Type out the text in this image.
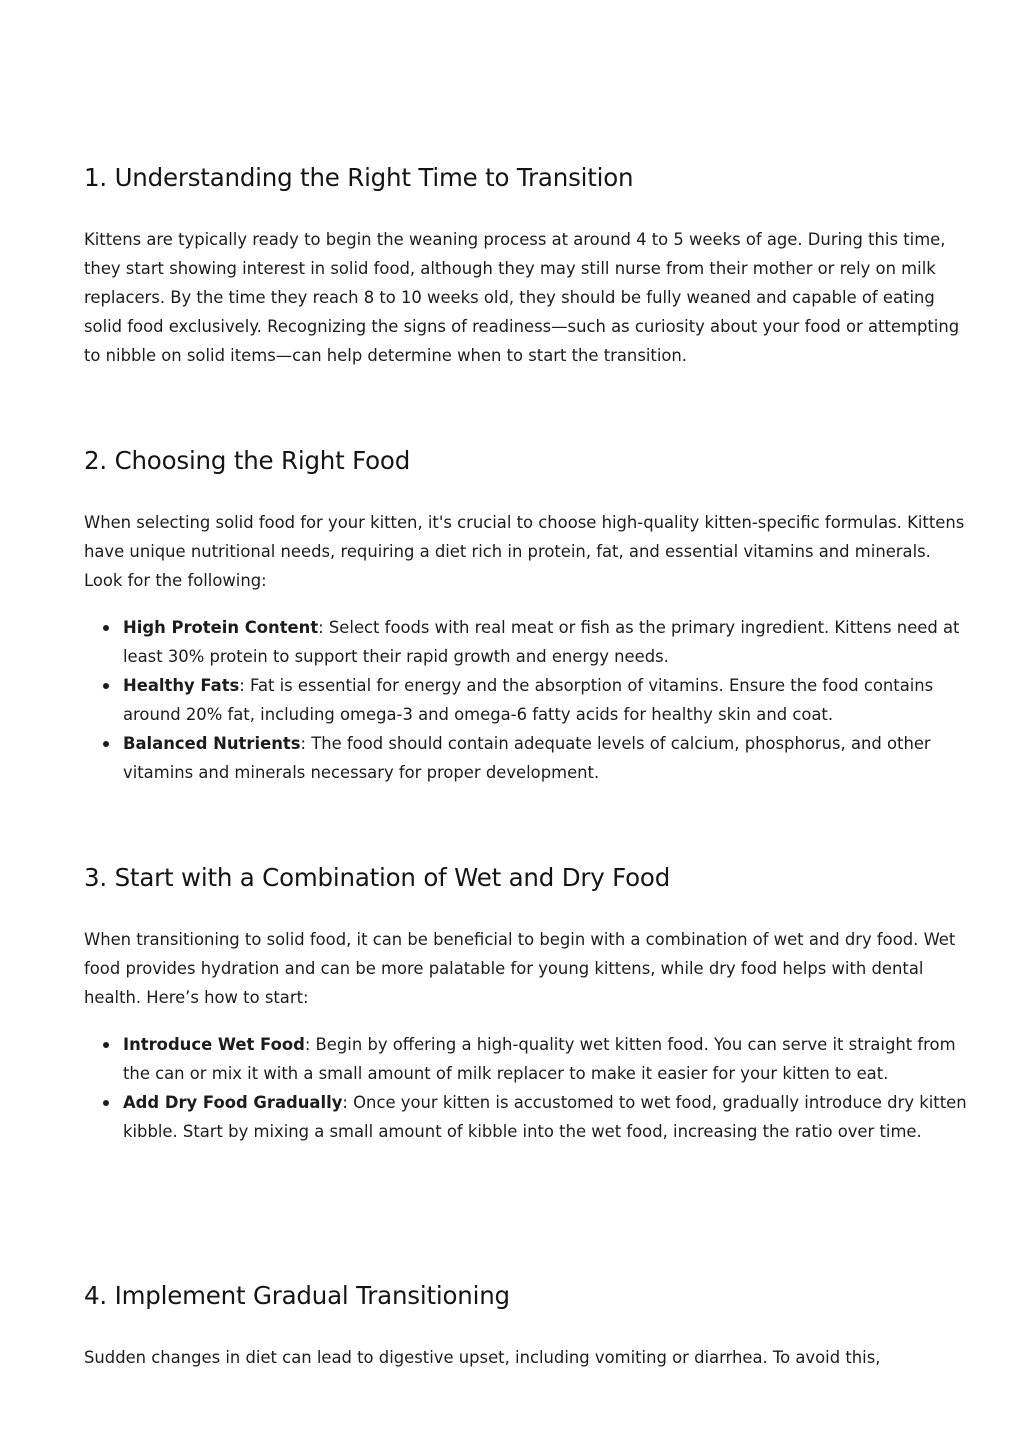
1. Understanding the Right Time to Transition

Kittens are typically ready to begin the weaning process at around 4 to 5 weeks of age. During this time, they start showing interest in solid food, although they may still nurse from their mother or rely on milk replacers. By the time they reach 8 to 10 weeks old, they should be fully weaned and capable of eating solid food exclusively. Recognizing the signs of readiness—such as curiosity about your food or attempting to nibble on solid items—can help determine when to start the transition.

2. Choosing the Right Food

When selecting solid food for your kitten, it's crucial to choose high-quality kitten-specific formulas. Kittens have unique nutritional needs, requiring a diet rich in protein, fat, and essential vitamins and minerals. Look for the following:

High Protein Content: Select foods with real meat or fish as the primary ingredient. Kittens need at least 30% protein to support their rapid growth and energy needs.
Healthy Fats: Fat is essential for energy and the absorption of vitamins. Ensure the food contains around 20% fat, including omega-3 and omega-6 fatty acids for healthy skin and coat.
Balanced Nutrients: The food should contain adequate levels of calcium, phosphorus, and other vitamins and minerals necessary for proper development.
3. Start with a Combination of Wet and Dry Food

When transitioning to solid food, it can be beneficial to begin with a combination of wet and dry food. Wet food provides hydration and can be more palatable for young kittens, while dry food helps with dental health. Here’s how to start:

Introduce Wet Food: Begin by offering a high-quality wet kitten food. You can serve it straight from the can or mix it with a small amount of milk replacer to make it easier for your kitten to eat.
Add Dry Food Gradually: Once your kitten is accustomed to wet food, gradually introduce dry kitten kibble. Start by mixing a small amount of kibble into the wet food, increasing the ratio over time.
4. Implement Gradual Transitioning

Sudden changes in diet can lead to digestive upset, including vomiting or diarrhea. To avoid this,
